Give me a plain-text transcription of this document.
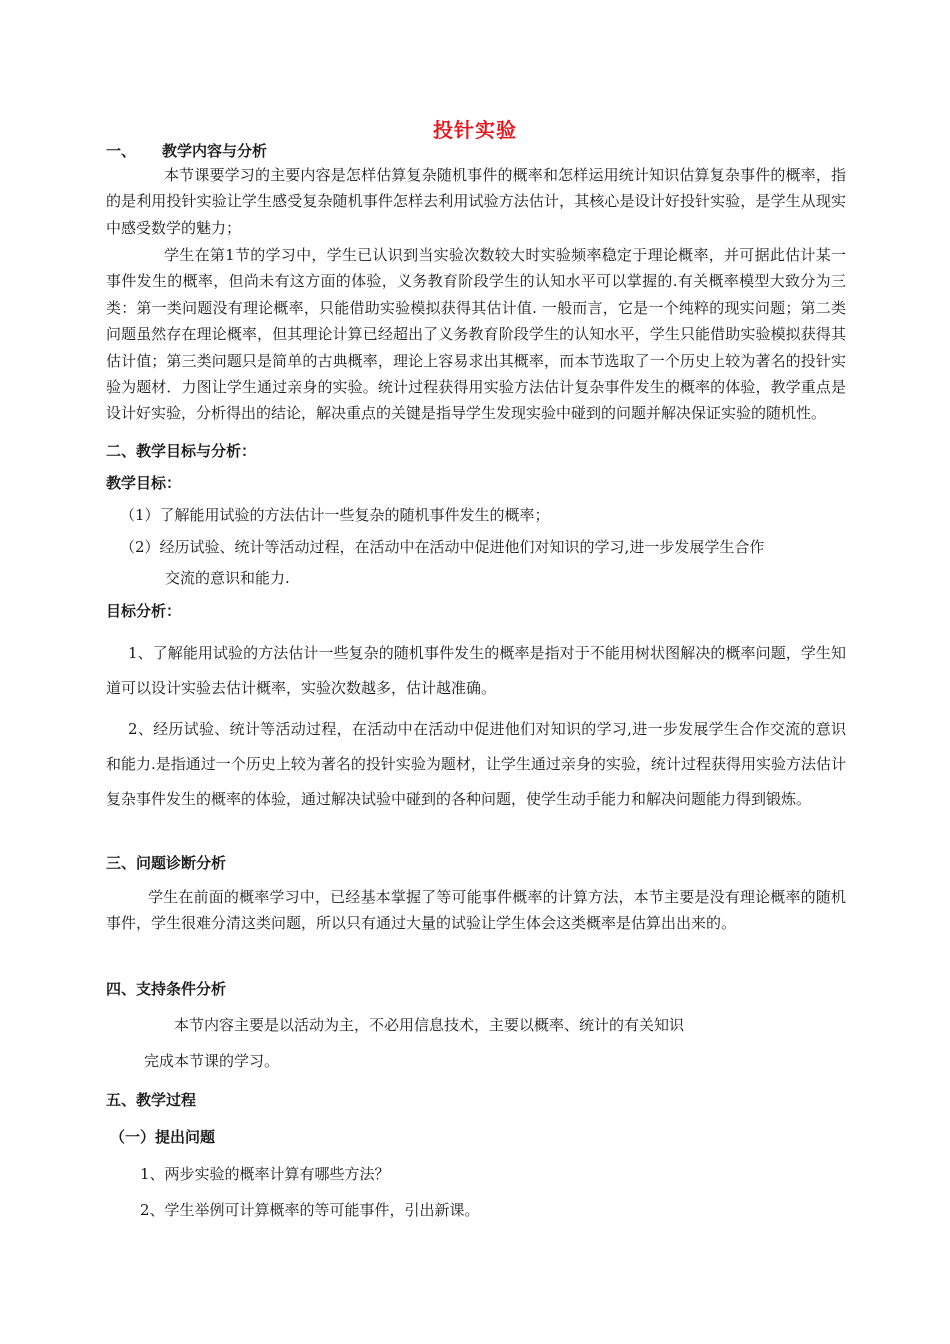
投针实验
一、 教学内容与分析

本节课要学习的主要内容是怎样估算复杂随机事件的概率和怎样运用统计知识估算复杂事件的概率，指的是利用投针实验让学生感受复杂随机事件怎样去利用试验方法估计，其核心是设计好投针实验，是学生从现实中感受数学的魅力；

学生在第1节的学习中，学生已认识到当实验次数较大时实验频率稳定于理论概率，并可据此估计某一事件发生的概率，但尚未有这方面的体验，义务教育阶段学生的认知水平可以掌握的.有关概率模型大致分为三类：第一类问题没有理论概率，只能借助实验模拟获得其估计值. 一般而言，它是一个纯粹的现实问题；第二类问题虽然存在理论概率，但其理论计算已经超出了义务教育阶段学生的认知水平，学生只能借助实验模拟获得其估计值；第三类问题只是简单的古典概率，理论上容易求出其概率，而本节选取了一个历史上较为著名的投针实验为题材．力图让学生通过亲身的实验。统计过程获得用实验方法估计复杂事件发生的概率的体验，教学重点是设计好实验，分析得出的结论，解决重点的关键是指导学生发现实验中碰到的问题并解决保证实验的随机性。

二、教学目标与分析：
教学目标：
（1）了解能用试验的方法估计一些复杂的随机事件发生的概率；
（2）经历试验、统计等活动过程，在活动中在活动中促进他们对知识的学习,进一步发展学生合作
交流的意识和能力.
目标分析：

1、了解能用试验的方法估计一些复杂的随机事件发生的概率是指对于不能用树状图解决的概率问题，学生知道可以设计实验去估计概率，实验次数越多，估计越准确。

2、经历试验、统计等活动过程，在活动中在活动中促进他们对知识的学习,进一步发展学生合作交流的意识和能力.是指通过一个历史上较为著名的投针实验为题材，让学生通过亲身的实验，统计过程获得用实验方法估计复杂事件发生的概率的体验，通过解决试验中碰到的各种问题，使学生动手能力和解决问题能力得到锻炼。

三、问题诊断分析

学生在前面的概率学习中，已经基本掌握了等可能事件概率的计算方法，本节主要是没有理论概率的随机事件，学生很难分清这类问题，所以只有通过大量的试验让学生体会这类概率是估算出出来的。

四、支持条件分析
本节内容主要是以活动为主，不必用信息技术，主要以概率、统计的有关知识
完成本节课的学习。
五、教学过程
（一）提出问题
1、两步实验的概率计算有哪些方法？
2、学生举例可计算概率的等可能事件，引出新课。
